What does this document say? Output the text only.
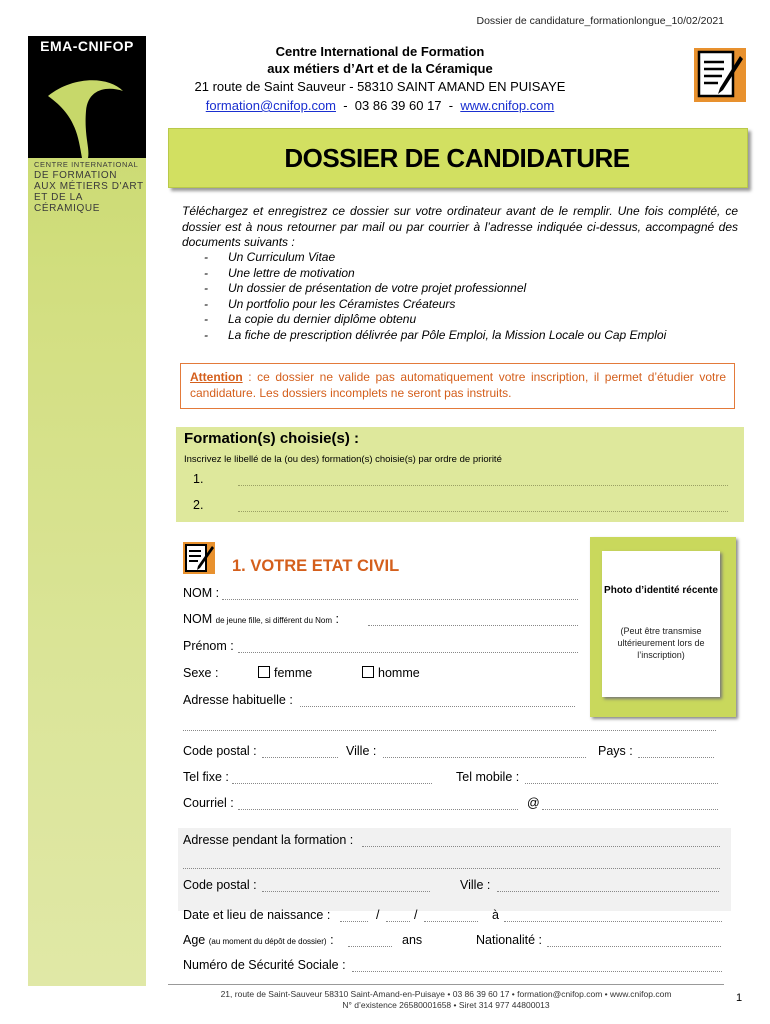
EMA-CNIFOP
CENTRE INTERNATIONAL
DE FORMATION
AUX MÉTIERS D'ART
ET DE LA CÉRAMIQUE
Dossier de candidature_formationlongue_10/02/2021
Centre International de Formation
aux métiers d’Art et de la Céramique
21 route de Saint Sauveur - 58310 SAINT AMAND EN PUISAYE
formation@cnifop.com  -  03 86 39 60 17  -  www.cnifop.com
DOSSIER DE CANDIDATURE
Téléchargez et enregistrez ce dossier sur votre ordinateur avant de le remplir. Une fois complété, ce dossier est à nous retourner par mail ou par courrier à l’adresse indiquée ci-dessus, accompagné des documents suivants :
- Un Curriculum Vitae
- Une lettre de motivation
- Un dossier de présentation de votre projet professionnel
- Un portfolio pour les Céramistes Créateurs
- La copie du dernier diplôme obtenu
- La fiche de prescription délivrée par Pôle Emploi, la Mission Locale ou Cap Emploi
Attention : ce dossier ne valide pas automatiquement votre inscription, il permet d’étudier votre candidature. Les dossiers incomplets ne seront pas instruits.
Formation(s) choisie(s) :
Inscrivez le libellé de la (ou des) formation(s) choisie(s) par ordre de priorité
1.
2.
1. VOTRE ETAT CIVIL
Photo d’identité récente
(Peut être transmise ultérieurement lors de l’inscription)
NOM :
NOM de jeune fille, si différent du Nom :
Prénom :
Sexe :	femme	homme
Adresse habituelle :
Code postal :	Ville :	Pays :
Tel fixe :	Tel mobile :
Courriel :	@
Adresse pendant la formation :
Code postal :	Ville :
Date et lieu de naissance :	/	/	à
Age (au moment du dépôt de dossier) :	ans	Nationalité :
Numéro de Sécurité Sociale :
21, route de Saint-Sauveur 58310 Saint-Amand-en-Puisaye • 03 86 39 60 17 • formation@cnifop.com • www.cnifop.com
N° d’existence 26580001658 • Siret 314 977 44800013
1
